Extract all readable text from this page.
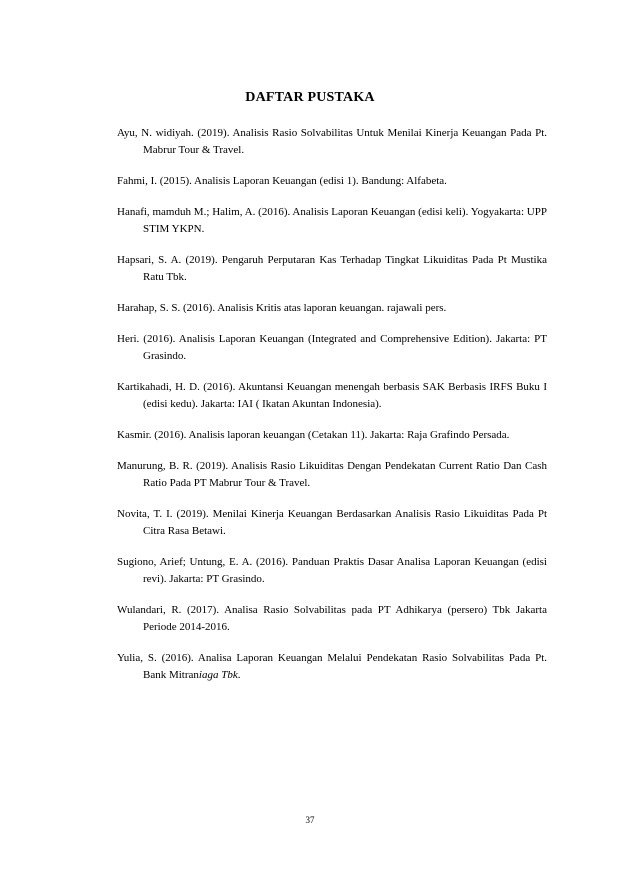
DAFTAR PUSTAKA
Ayu, N. widiyah. (2019). Analisis Rasio Solvabilitas Untuk Menilai Kinerja Keuangan Pada Pt. Mabrur Tour & Travel.
Fahmi, I. (2015). Analisis Laporan Keuangan (edisi 1). Bandung: Alfabeta.
Hanafi, mamduh M.; Halim, A. (2016). Analisis Laporan Keuangan (edisi keli). Yogyakarta: UPP STIM YKPN.
Hapsari, S. A. (2019). Pengaruh Perputaran Kas Terhadap Tingkat Likuiditas Pada Pt Mustika Ratu Tbk.
Harahap, S. S. (2016). Analisis Kritis atas laporan keuangan. rajawali pers.
Heri. (2016). Analisis Laporan Keuangan (Integrated and Comprehensive Edition). Jakarta: PT Grasindo.
Kartikahadi, H. D. (2016). Akuntansi Keuangan menengah berbasis SAK Berbasis IRFS Buku I (edisi kedu). Jakarta: IAI ( Ikatan Akuntan Indonesia).
Kasmir. (2016). Analisis laporan keuangan (Cetakan 11). Jakarta: Raja Grafindo Persada.
Manurung, B. R. (2019). Analisis Rasio Likuiditas Dengan Pendekatan Current Ratio Dan Cash Ratio Pada PT Mabrur Tour & Travel.
Novita, T. I. (2019). Menilai Kinerja Keuangan Berdasarkan Analisis Rasio Likuiditas Pada Pt Citra Rasa Betawi.
Sugiono, Arief; Untung, E. A. (2016). Panduan Praktis Dasar Analisa Laporan Keuangan (edisi revi). Jakarta: PT Grasindo.
Wulandari, R. (2017). Analisa Rasio Solvabilitas pada PT Adhikarya (persero) Tbk Jakarta Periode 2014-2016.
Yulia, S. (2016). Analisa Laporan Keuangan Melalui Pendekatan Rasio Solvabilitas Pada Pt. Bank Mitraniaga Tbk.
37
